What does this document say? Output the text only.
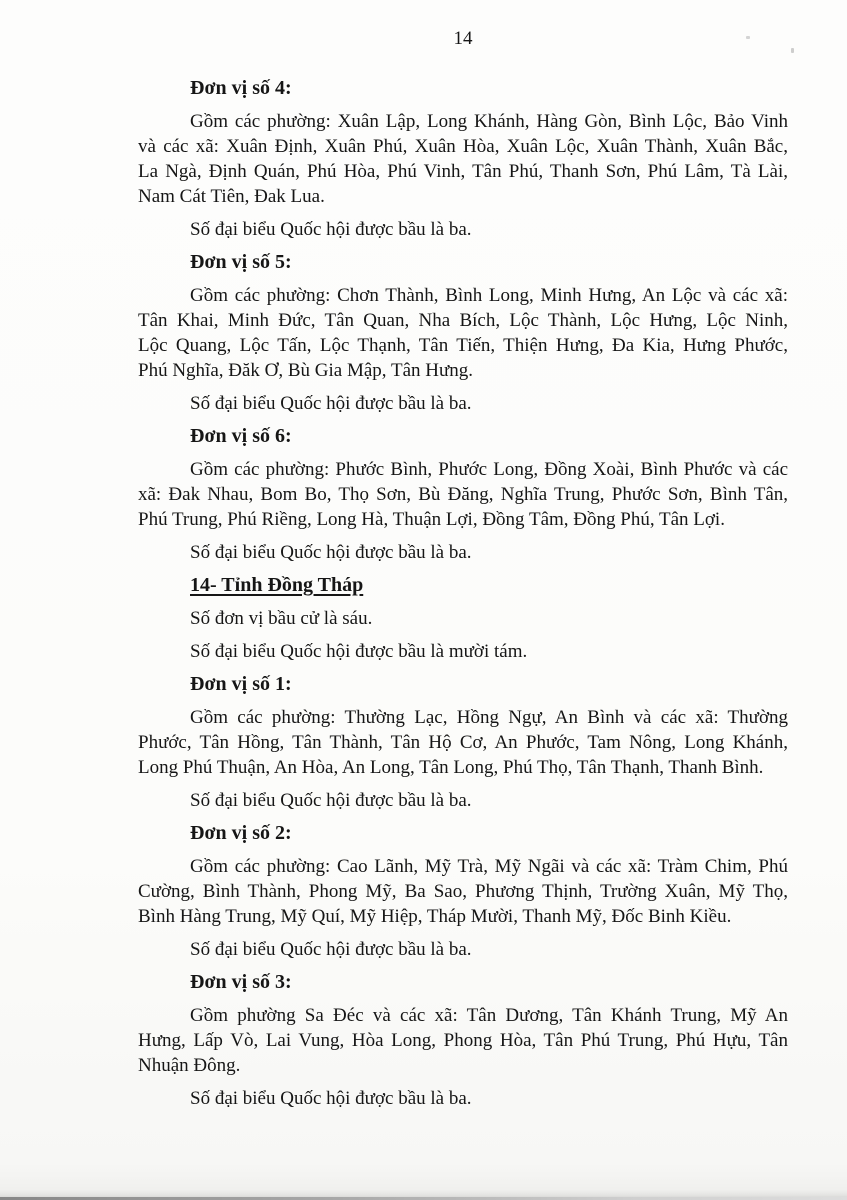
14
Đơn vị số 4:
Gồm các phường: Xuân Lập, Long Khánh, Hàng Gòn, Bình Lộc, Bảo Vinh
và các xã: Xuân Định, Xuân Phú, Xuân Hòa, Xuân Lộc, Xuân Thành, Xuân Bắc,
La Ngà, Định Quán, Phú Hòa, Phú Vinh, Tân Phú, Thanh Sơn, Phú Lâm, Tà Lài,
Nam Cát Tiên, Đak Lua.
Số đại biểu Quốc hội được bầu là ba.
Đơn vị số 5:
Gồm các phường: Chơn Thành, Bình Long, Minh Hưng, An Lộc và các xã:
Tân Khai, Minh Đức, Tân Quan, Nha Bích, Lộc Thành, Lộc Hưng, Lộc Ninh,
Lộc Quang, Lộc Tấn, Lộc Thạnh, Tân Tiến, Thiện Hưng, Đa Kia, Hưng Phước,
Phú Nghĩa, Đăk Ơ, Bù Gia Mập, Tân Hưng.
Số đại biểu Quốc hội được bầu là ba.
Đơn vị số 6:
Gồm các phường: Phước Bình, Phước Long, Đồng Xoài, Bình Phước và các
xã: Đak Nhau, Bom Bo, Thọ Sơn, Bù Đăng, Nghĩa Trung, Phước Sơn, Bình Tân,
Phú Trung, Phú Riềng, Long Hà, Thuận Lợi, Đồng Tâm, Đồng Phú, Tân Lợi.
Số đại biểu Quốc hội được bầu là ba.
14- Tỉnh Đồng Tháp
Số đơn vị bầu cử là sáu.
Số đại biểu Quốc hội được bầu là mười tám.
Đơn vị số 1:
Gồm các phường: Thường Lạc, Hồng Ngự, An Bình và các xã: Thường
Phước, Tân Hồng, Tân Thành, Tân Hộ Cơ, An Phước, Tam Nông, Long Khánh,
Long Phú Thuận, An Hòa, An Long, Tân Long, Phú Thọ, Tân Thạnh, Thanh Bình.
Số đại biểu Quốc hội được bầu là ba.
Đơn vị số 2:
Gồm các phường: Cao Lãnh, Mỹ Trà, Mỹ Ngãi và các xã: Tràm Chim, Phú
Cường, Bình Thành, Phong Mỹ, Ba Sao, Phương Thịnh, Trường Xuân, Mỹ Thọ,
Bình Hàng Trung, Mỹ Quí, Mỹ Hiệp, Tháp Mười, Thanh Mỹ, Đốc Binh Kiều.
Số đại biểu Quốc hội được bầu là ba.
Đơn vị số 3:
Gồm phường Sa Đéc và các xã: Tân Dương, Tân Khánh Trung, Mỹ An
Hưng, Lấp Vò, Lai Vung, Hòa Long, Phong Hòa, Tân Phú Trung, Phú Hựu, Tân
Nhuận Đông.
Số đại biểu Quốc hội được bầu là ba.
